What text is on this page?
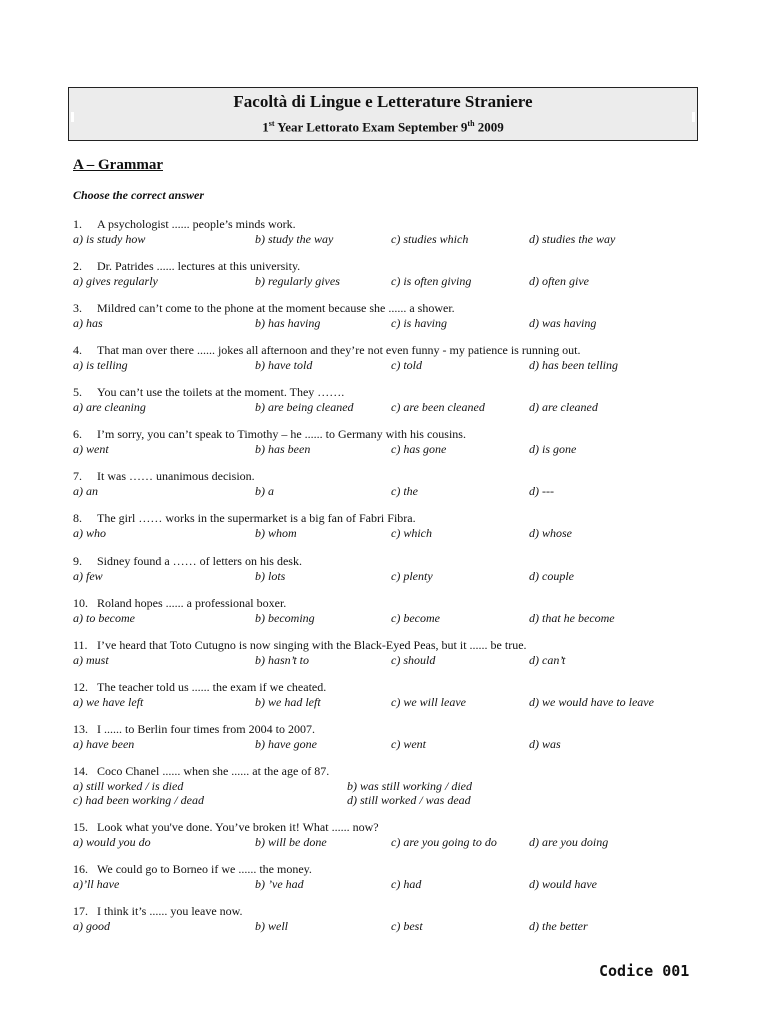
Facoltà di Lingue e Letterature Straniere
1st Year Lettorato Exam September 9th 2009
A – Grammar
Choose the correct answer
1. A psychologist ...... people’s minds work.
a) is study how	b) study the way	c) studies which	d) studies the way
2. Dr. Patrides ...... lectures at this university.
a) gives regularly	b) regularly gives	c) is often giving	d) often give
3. Mildred can’t come to the phone at the moment because she ...... a shower.
a) has	b) has having	c) is having	d) was having
4. That man over there ...... jokes all afternoon and they’re not even funny - my patience is running out.
a) is telling	b) have told	c) told	d) has been telling
5. You can’t use the toilets at the moment. They …….
a) are cleaning	b) are being cleaned	c) are been cleaned	d) are cleaned
6. I’m sorry, you can’t speak to Timothy – he ...... to Germany with his cousins.
a) went	b) has been	c) has gone	d) is gone
7. It was …… unanimous decision.
a) an	b) a	c) the	d) ---
8. The girl …… works in the supermarket is a big fan of Fabri Fibra.
a) who	b) whom	c) which	d) whose
9. Sidney found a …… of letters on his desk.
a) few	b) lots	c) plenty	d) couple
10. Roland hopes ...... a professional boxer.
a) to become	b) becoming	c) become	d) that he become
11. I’ve heard that Toto Cutugno is now singing with the Black-Eyed Peas, but it ...... be true.
a) must	b) hasn’t to	c) should	d) can’t
12. The teacher told us ...... the exam if we cheated.
a) we have left	b) we had left	c) we will leave	d) we would have to leave
13. I ...... to Berlin four times from 2004 to 2007.
a) have been	b) have gone	c) went	d) was
14. Coco Chanel ...... when she ...... at the age of 87.
a) still worked / is died	b) was still working / died
c) had been working / dead	d) still worked / was dead
15. Look what you've done. You’ve broken it! What ...... now?
a) would you do	b) will be done	c) are you going to do	d) are you doing
16. We could go to Borneo if we ...... the money.
a)’ll have	b) ’ve had	c) had	d) would have
17. I think it’s ...... you leave now.
a) good	b) well	c) best	d) the better
Codice 001
